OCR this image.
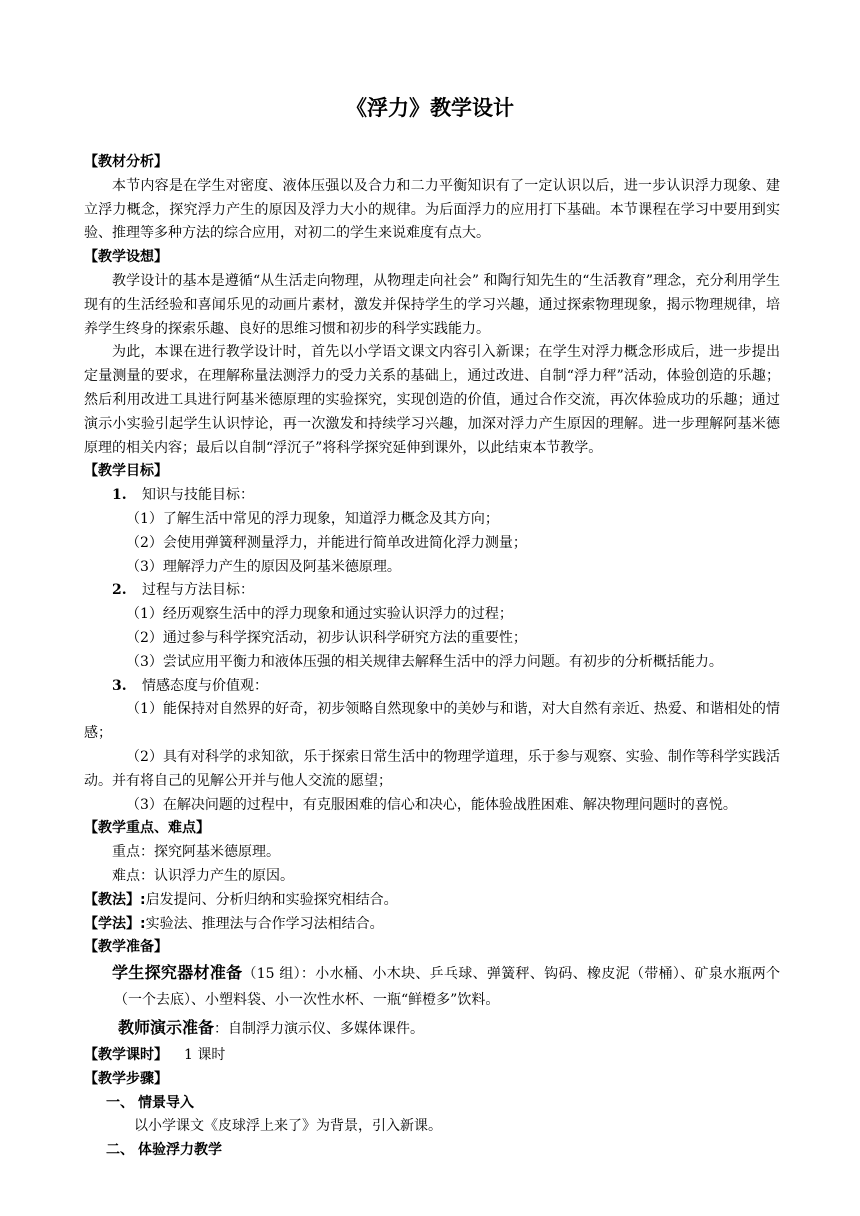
《浮力》教学设计

【教材分析】

本节内容是在学生对密度、液体压强以及合力和二力平衡知识有了一定认识以后，进一步认识浮力现象、建立浮力概念，探究浮力产生的原因及浮力大小的规律。为后面浮力的应用打下基础。本节课程在学习中要用到实验、推理等多种方法的综合应用，对初二的学生来说难度有点大。

【教学设想】

教学设计的基本是遵循“从生活走向物理，从物理走向社会” 和陶行知先生的“生活教育”理念，充分利用学生现有的生活经验和喜闻乐见的动画片素材，激发并保持学生的学习兴趣，通过探索物理现象，揭示物理规律，培养学生终身的探索乐趣、良好的思维习惯和初步的科学实践能力。

为此，本课在进行教学设计时，首先以小学语文课文内容引入新课；在学生对浮力概念形成后，进一步提出定量测量的要求，在理解称量法测浮力的受力关系的基础上，通过改进、自制“浮力秤”活动，体验创造的乐趣；然后利用改进工具进行阿基米德原理的实验探究，实现创造的价值，通过合作交流，再次体验成功的乐趣；通过演示小实验引起学生认识悖论，再一次激发和持续学习兴趣，加深对浮力产生原因的理解。进一步理解阿基米德原理的相关内容；最后以自制“浮沉子”将科学探究延伸到课外，以此结束本节教学。

【教学目标】

1. 知识与技能目标：

（1）了解生活中常见的浮力现象，知道浮力概念及其方向；

（2）会使用弹簧秤测量浮力，并能进行简单改进简化浮力测量；

（3）理解浮力产生的原因及阿基米德原理。

2. 过程与方法目标：

（1）经历观察生活中的浮力现象和通过实验认识浮力的过程；

（2）通过参与科学探究活动，初步认识科学研究方法的重要性；

（3）尝试应用平衡力和液体压强的相关规律去解释生活中的浮力问题。有初步的分析概括能力。

3. 情感态度与价值观：

（1）能保持对自然界的好奇，初步领略自然现象中的美妙与和谐，对大自然有亲近、热爱、和谐相处的情感；

（2）具有对科学的求知欲，乐于探索日常生活中的物理学道理，乐于参与观察、实验、制作等科学实践活动。并有将自己的见解公开并与他人交流的愿望；

（3）在解决问题的过程中，有克服困难的信心和决心，能体验战胜困难、解决物理问题时的喜悦。

【教学重点、难点】

重点：探究阿基米德原理。

难点：认识浮力产生的原因。

【教法】:启发提问、分析归纳和实验探究相结合。

【学法】:实验法、推理法与合作学习法相结合。

【教学准备】

学生探究器材准备（15 组）：小水桶、小木块、乒乓球、弹簧秤、钩码、橡皮泥（带桶）、矿泉水瓶两个（一个去底）、小塑料袋、小一次性水杯、一瓶“鲜橙多”饮料。

教师演示准备：自制浮力演示仪、多媒体课件。

【教学课时】 1 课时

【教学步骤】

一、 情景导入

以小学课文《皮球浮上来了》为背景，引入新课。

二、 体验浮力教学
